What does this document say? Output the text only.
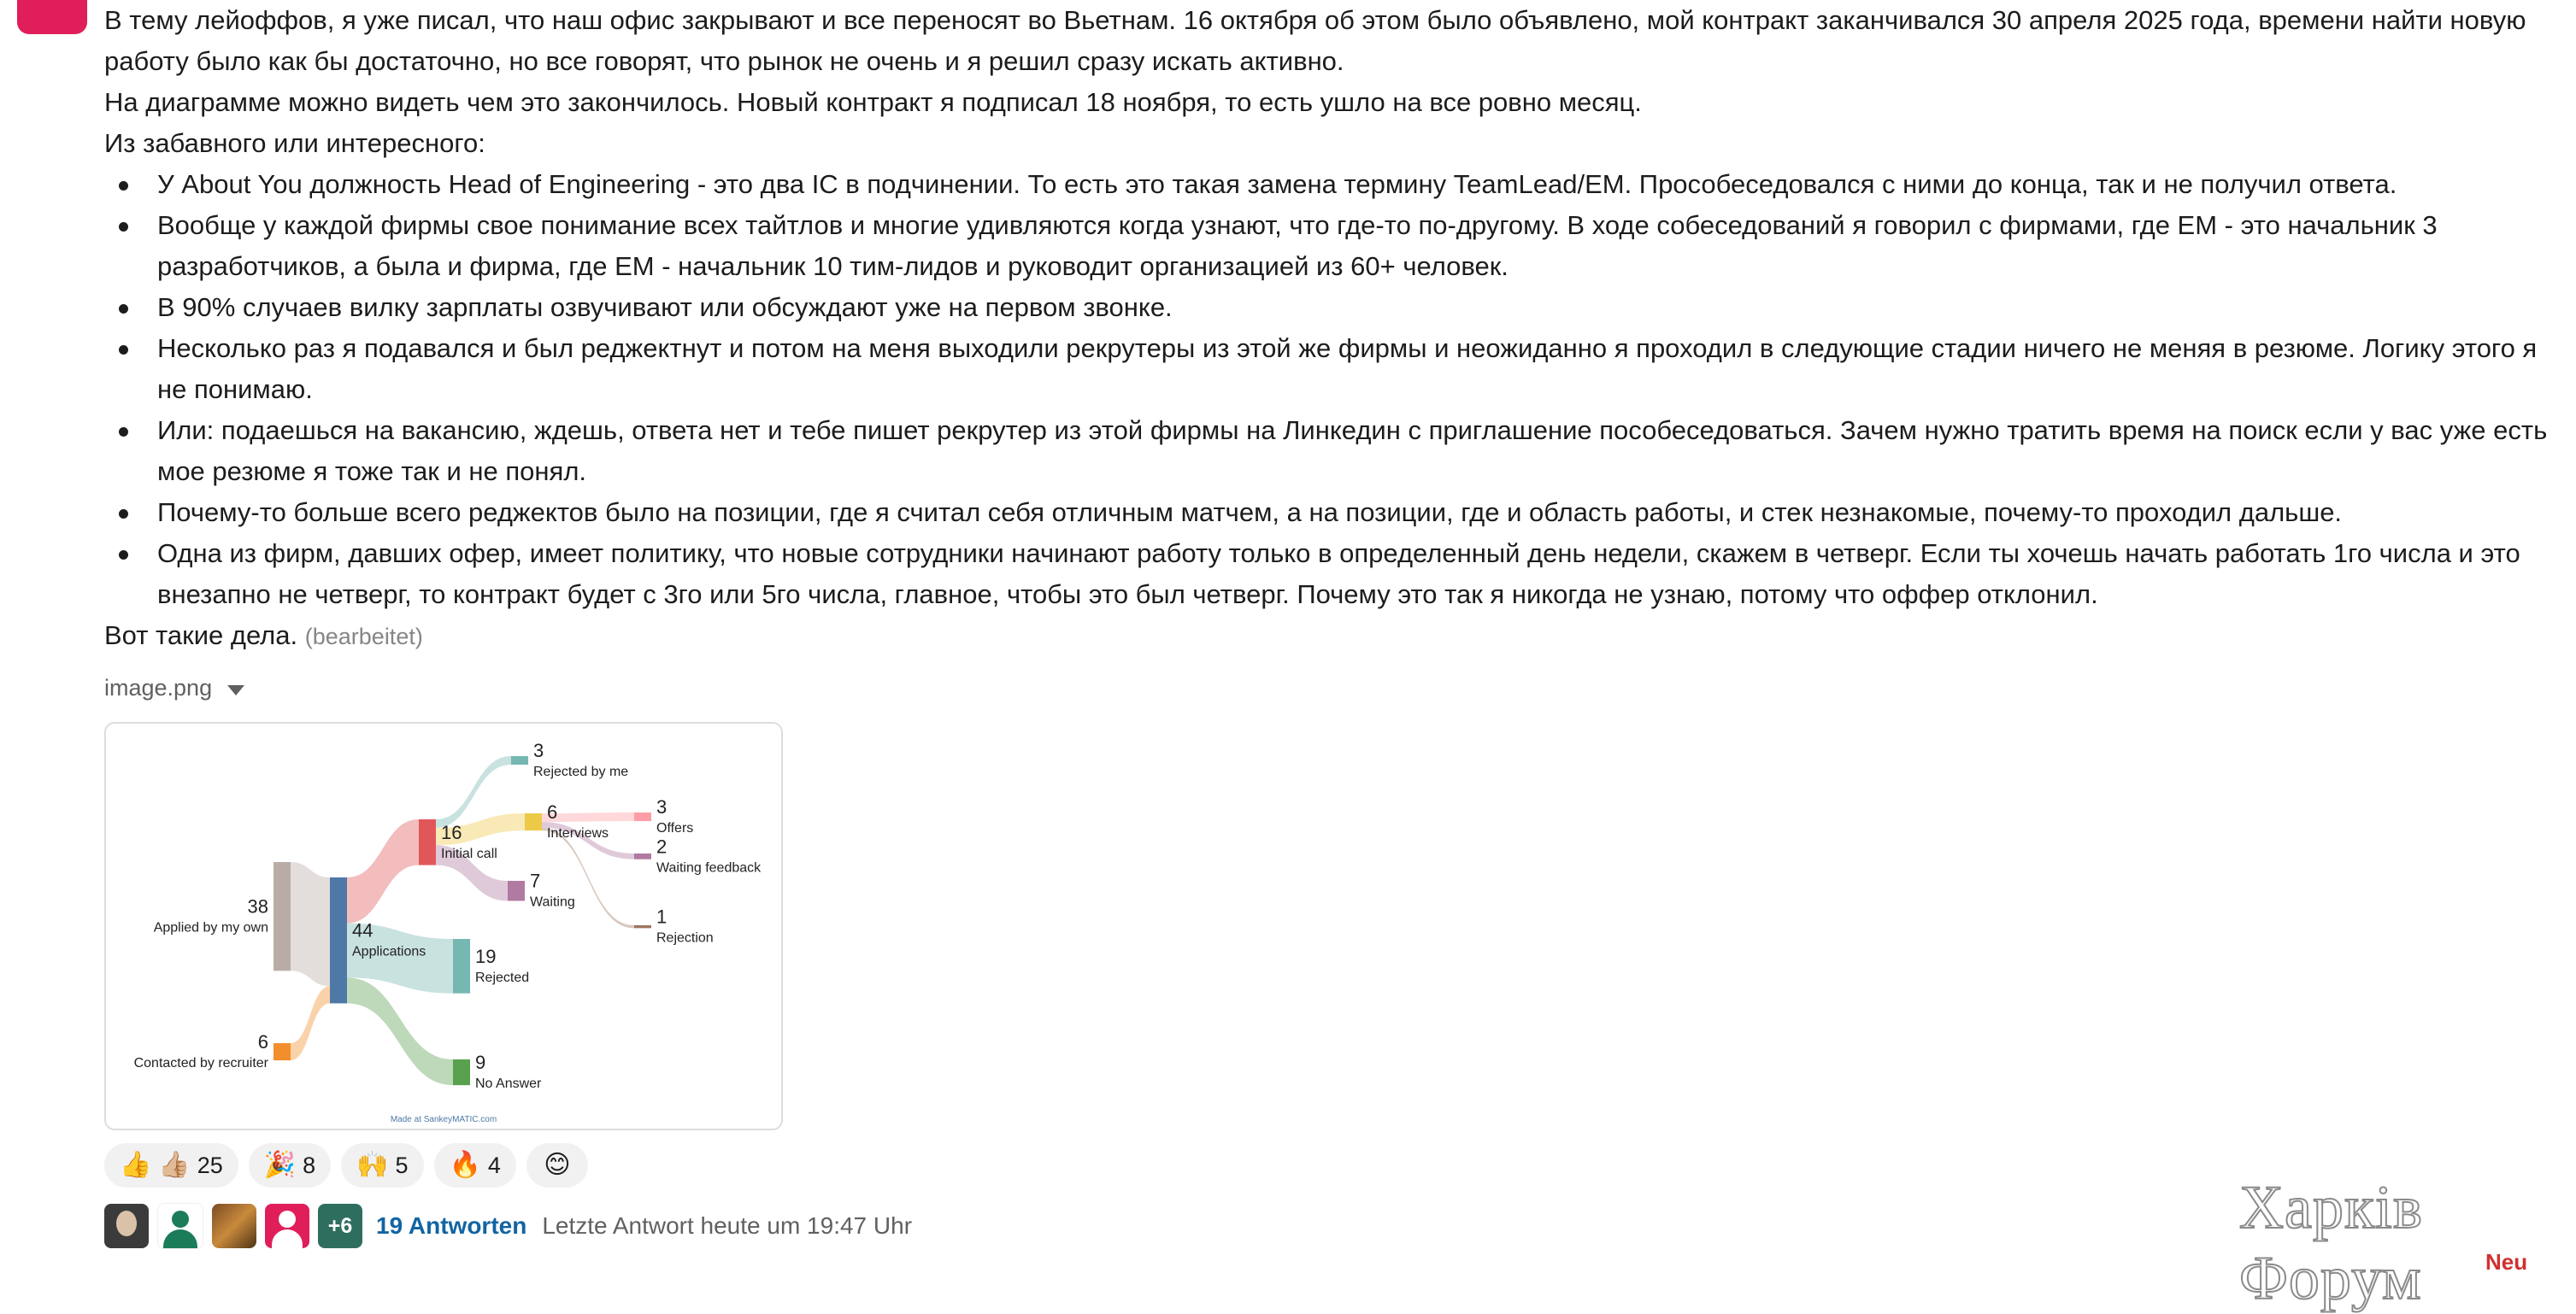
В тему лейоффов, я уже писал, что наш офис закрывают и все переносят во Вьетнам. 16 октября об этом было объявлено, мой контракт заканчивался 30 апреля 2025 года, времени найти новую работу было как бы достаточно, но все говорят, что рынок не очень и я решил сразу искать активно.

На диаграмме можно видеть чем это закончилось. Новый контракт я подписал 18 ноября, то есть ушло на все ровно месяц.

Из забавного или интересного:

У About You должность Head of Engineering - это два IC в подчинении. То есть это такая замена термину TeamLead/EM. Прособеседовался с ними до конца, так и не получил ответа.
Вообще у каждой фирмы свое понимание всех тайтлов и многие удивляются когда узнают, что где-то по-другому. В ходе собеседований я говорил с фирмами, где EM - это начальник 3 разработчиков, а была и фирма, где EM - начальник 10 тим-лидов и руководит организацией из 60+ человек.
В 90% случаев вилку зарплаты озвучивают или обсуждают уже на первом звонке.
Несколько раз я подавался и был реджектнут и потом на меня выходили рекрутеры из этой же фирмы и неожиданно я проходил в следующие стадии ничего не меняя в резюме. Логику этого я не понимаю.
Или: подаешься на вакансию, ждешь, ответа нет и тебе пишет рекрутер из этой фирмы на Линкедин с приглашение пособеседоваться. Зачем нужно тратить время на поиск если у вас уже есть мое резюме я тоже так и не понял.
Почему-то больше всего реджектов было на позиции, где я считал себя отличным матчем, а на позиции, где и область работы, и стек незнакомые, почему-то проходил дальше.
Одна из фирм, давших офер, имеет политику, что новые сотрудники начинают работу только в определенный день недели, скажем в четверг. Если ты хочешь начать работать 1го числа и это внезапно не четверг, то контракт будет с 3го или 5го числа, главное, чтобы это был четверг. Почему это так я никогда не узнаю, потому что оффер отклонил.

Вот такие дела. (bearbeitet)

image.png
38
Applied by my own
6
Contacted by recruiter
44
Applications
16
Initial call
19
Rejected
9
No Answer
3
Rejected by me
6
Interviews
7
Waiting
3
Offers
2
Waiting feedback
1
Rejection
Made at SankeyMATIC.com
👍 👍🏼 25 🎉 8 🙌 5 🔥 4 😊
+6 19 Antworten Letzte Antwort heute um 19:47 Uhr	Харків Форум	Neu
